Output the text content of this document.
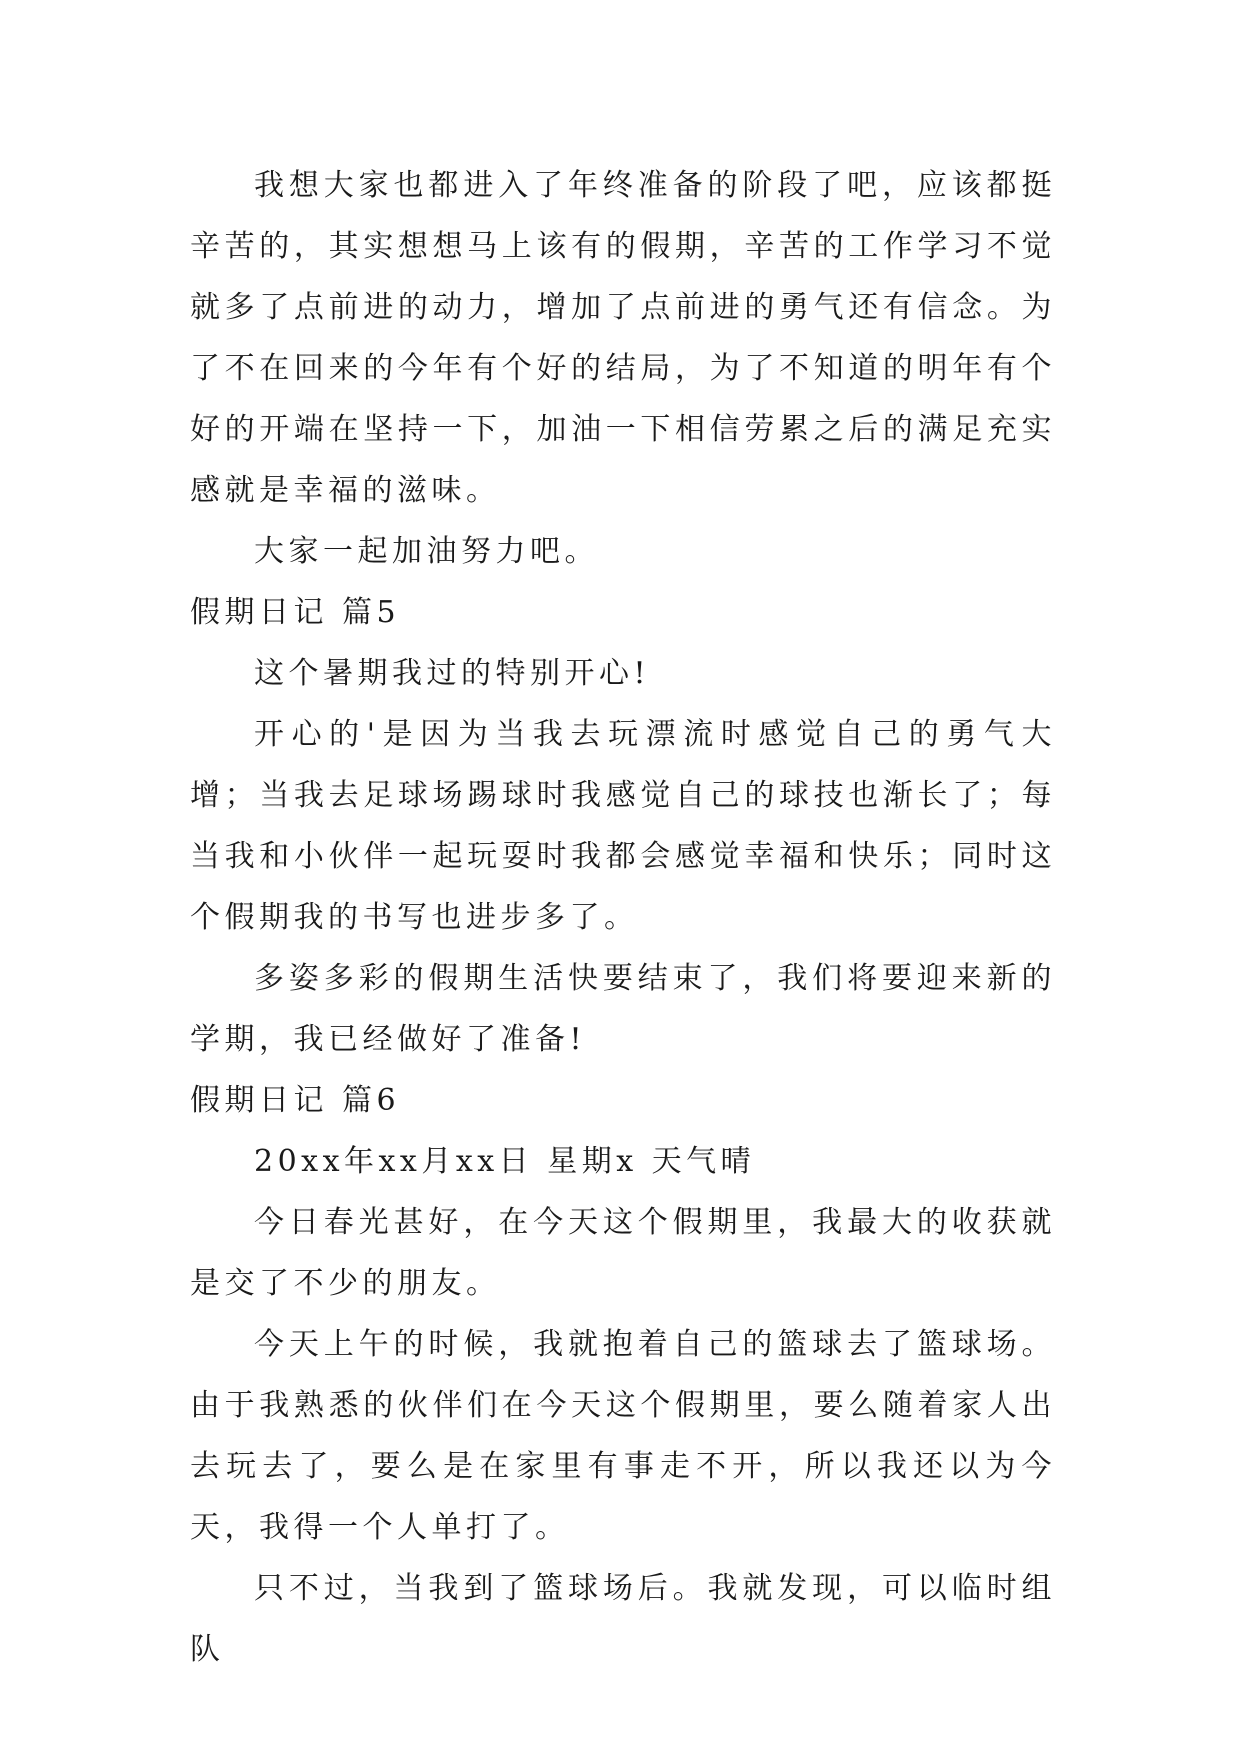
我想大家也都进入了年终准备的阶段了吧，应该都挺辛苦的，其实想想马上该有的假期，辛苦的工作学习不觉就多了点前进的动力，增加了点前进的勇气还有信念。为了不在回来的今年有个好的结局，为了不知道的明年有个好的开端在坚持一下，加油一下相信劳累之后的满足充实感就是幸福的滋味。

大家一起加油努力吧。

假期日记 篇5

这个暑期我过的特别开心!

开心的'是因为当我去玩漂流时感觉自己的勇气大增；当我去足球场踢球时我感觉自己的球技也渐长了；每当我和小伙伴一起玩耍时我都会感觉幸福和快乐；同时这个假期我的书写也进步多了。

多姿多彩的假期生活快要结束了，我们将要迎来新的学期，我已经做好了准备!

假期日记 篇6

20xx年xx月xx日 星期x 天气晴

今日春光甚好，在今天这个假期里，我最大的收获就是交了不少的朋友。

今天上午的时候，我就抱着自己的篮球去了篮球场。由于我熟悉的伙伴们在今天这个假期里，要么随着家人出去玩去了，要么是在家里有事走不开，所以我还以为今天，我得一个人单打了。

只不过，当我到了篮球场后。我就发现，可以临时组队
